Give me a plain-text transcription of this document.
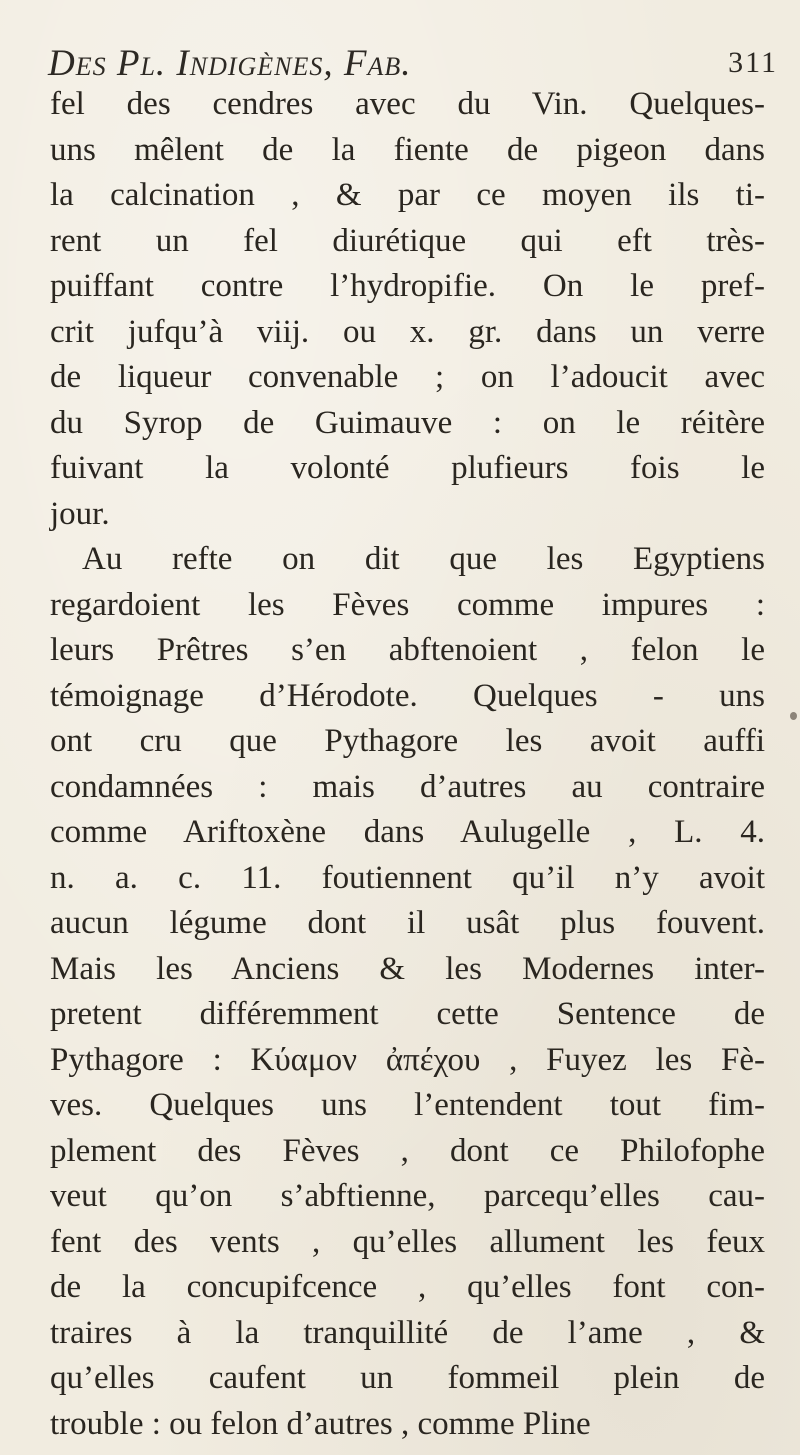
Des Pl. Indigènes, Fab.	311
fel des cendres avec du Vin. Quelques-
uns mêlent de la fiente de pigeon dans
la calcination , & par ce moyen ils ti-
rent un fel diurétique qui eft très-
puiffant contre l’hydropifie. On le pref-
crit jufqu’à viij. ou x. gr. dans un verre
de liqueur convenable ; on l’adoucit avec
du Syrop de Guimauve : on le réitère
fuivant la volonté plufieurs fois le
jour.
Au refte on dit que les Egyptiens
regardoient les Fèves comme impures :
leurs Prêtres s’en abftenoient , felon le
témoignage d’Hérodote. Quelques - uns
ont cru que Pythagore les avoit auffi
condamnées : mais d’autres au contraire
comme Ariftoxène dans Aulugelle , L. 4.
n. a. c. 11. foutiennent qu’il n’y avoit
aucun légume dont il usât plus fouvent.
Mais les Anciens & les Modernes inter-
pretent différemment cette Sentence de
Pythagore : Κύαμον ἀπέχου , Fuyez les Fè-
ves. Quelques uns l’entendent tout fim-
plement des Fèves , dont ce Philofophe
veut qu’on s’abftienne, parcequ’elles cau-
fent des vents , qu’elles allument les feux
de la concupifcence , qu’elles font con-
traires à la tranquillité de l’ame , &
qu’elles caufent un fommeil plein de
trouble : ou felon d’autres , comme Pline
